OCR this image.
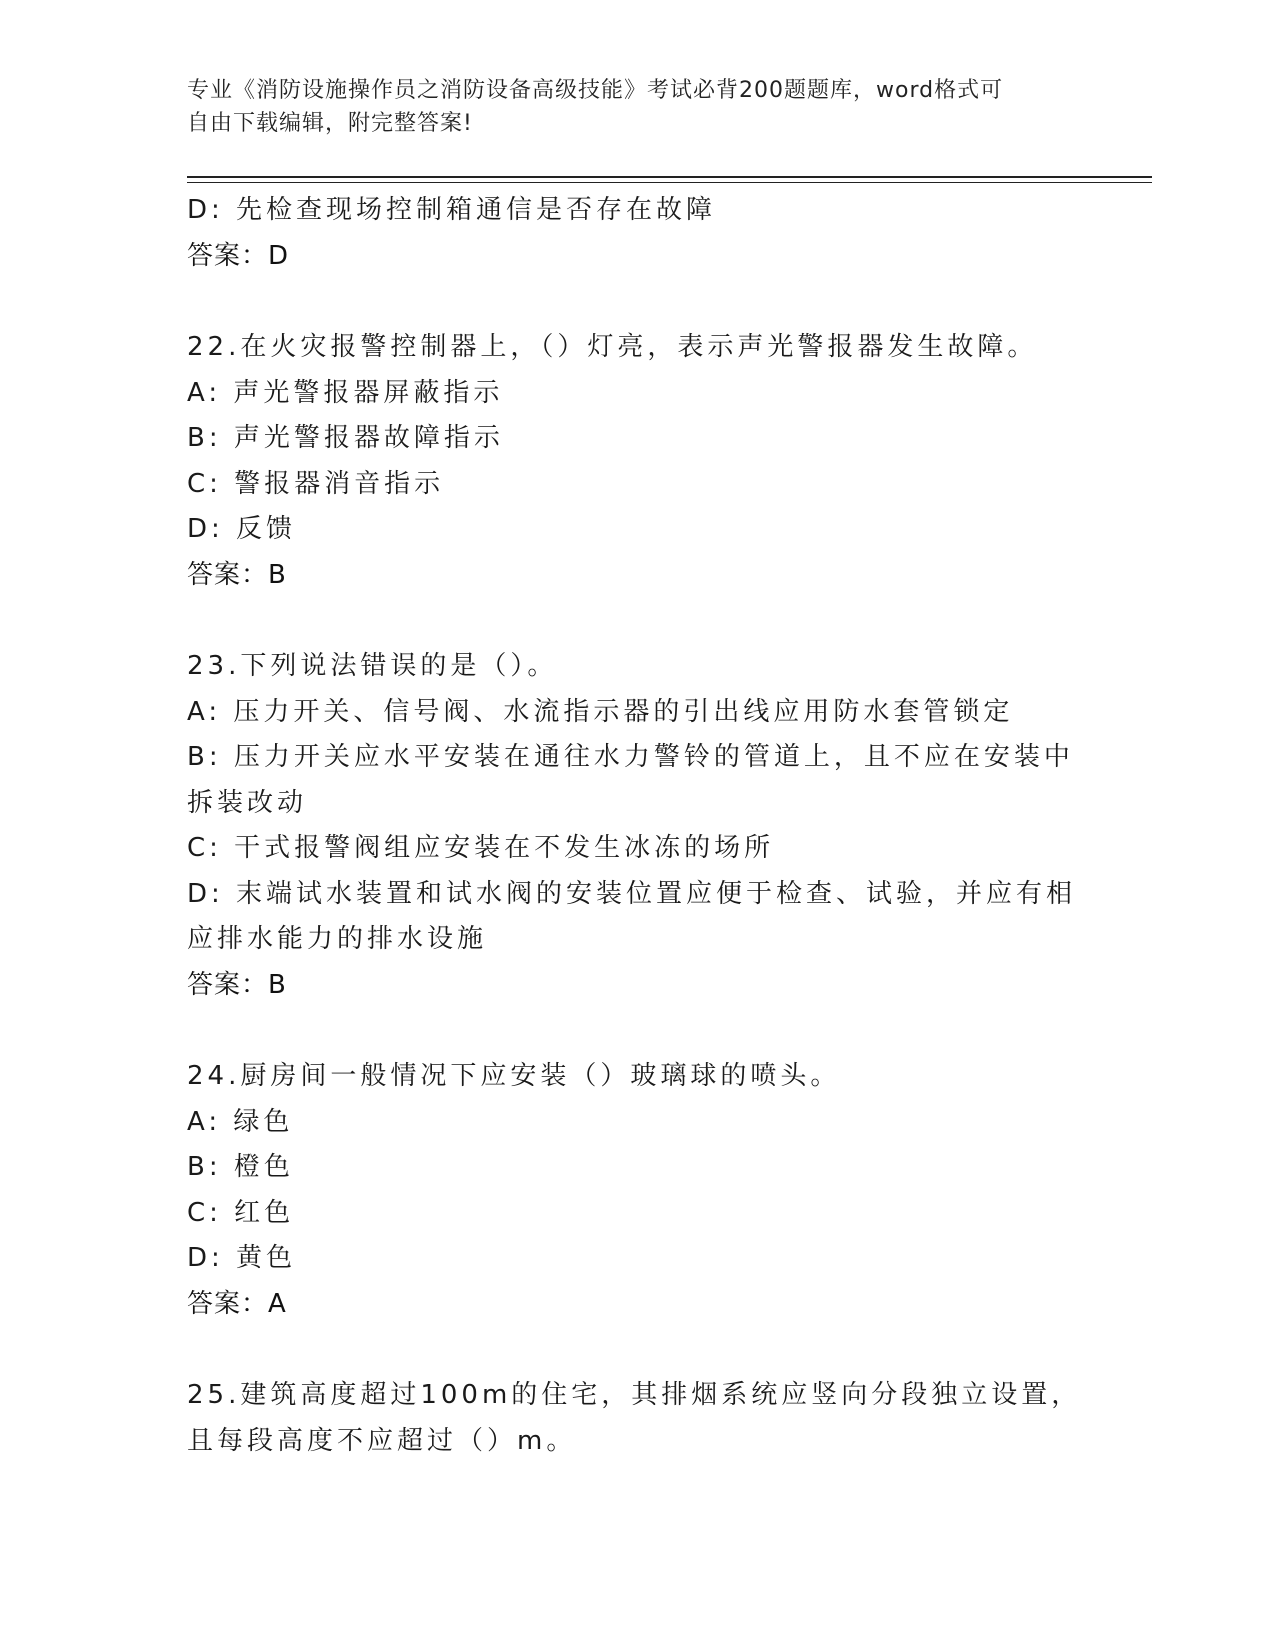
专业《消防设施操作员之消防设备高级技能》考试必背200题题库，word格式可
自由下载编辑，附完整答案!
D: 先检查现场控制箱通信是否存在故障
答案：D
22.在火灾报警控制器上，（）灯亮，表示声光警报器发生故障。
A: 声光警报器屏蔽指示
B: 声光警报器故障指示
C: 警报器消音指示
D: 反馈
答案：B
23.下列说法错误的是（）。
A: 压力开关、信号阀、水流指示器的引出线应用防水套管锁定
B: 压力开关应水平安装在通往水力警铃的管道上，且不应在安装中拆装改动
C: 干式报警阀组应安装在不发生冰冻的场所
D: 末端试水装置和试水阀的安装位置应便于检查、试验，并应有相应排水能力的排水设施
答案：B
24.厨房间一般情况下应安装（）玻璃球的喷头。
A: 绿色
B: 橙色
C: 红色
D: 黄色
答案：A
25.建筑高度超过100m的住宅，其排烟系统应竖向分段独立设置，且每段高度不应超过（）m。
